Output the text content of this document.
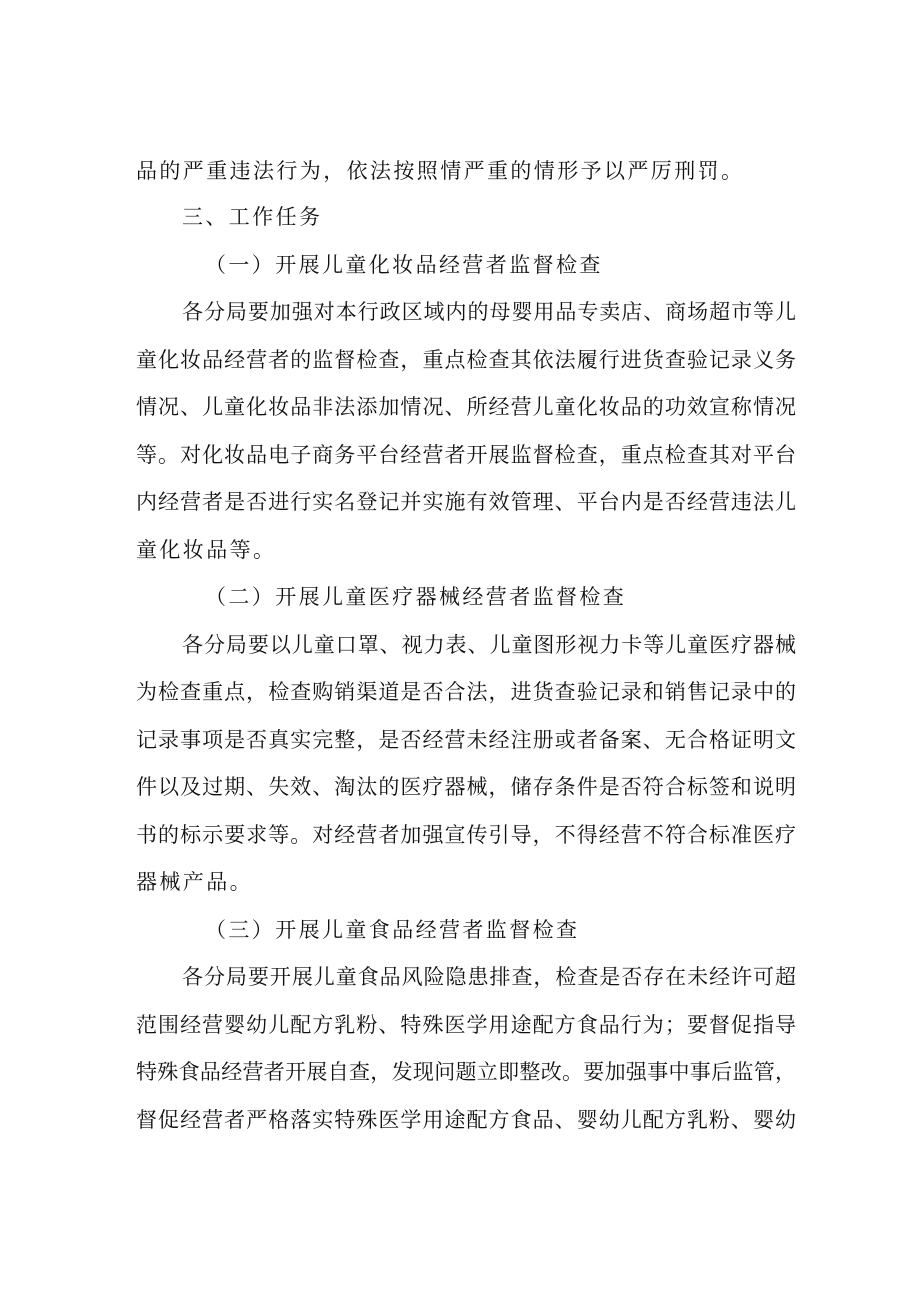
品的严重违法行为，依法按照情严重的情形予以严厉刑罚。
三、工作任务
（一）开展儿童化妆品经营者监督检查
各分局要加强对本行政区域内的母婴用品专卖店、商场超市等儿
童化妆品经营者的监督检查，重点检查其依法履行进货查验记录义务
情况、儿童化妆品非法添加情况、所经营儿童化妆品的功效宣称情况
等。对化妆品电子商务平台经营者开展监督检查，重点检查其对平台
内经营者是否进行实名登记并实施有效管理、平台内是否经营违法儿
童化妆品等。
（二）开展儿童医疗器械经营者监督检查
各分局要以儿童口罩、视力表、儿童图形视力卡等儿童医疗器械
为检查重点，检查购销渠道是否合法，进货查验记录和销售记录中的
记录事项是否真实完整，是否经营未经注册或者备案、无合格证明文
件以及过期、失效、淘汰的医疗器械，储存条件是否符合标签和说明
书的标示要求等。对经营者加强宣传引导，不得经营不符合标准医疗
器械产品。
（三）开展儿童食品经营者监督检查
各分局要开展儿童食品风险隐患排查，检查是否存在未经许可超
范围经营婴幼儿配方乳粉、特殊医学用途配方食品行为；要督促指导
特殊食品经营者开展自查，发现问题立即整改。要加强事中事后监管，
督促经营者严格落实特殊医学用途配方食品、婴幼儿配方乳粉、婴幼
